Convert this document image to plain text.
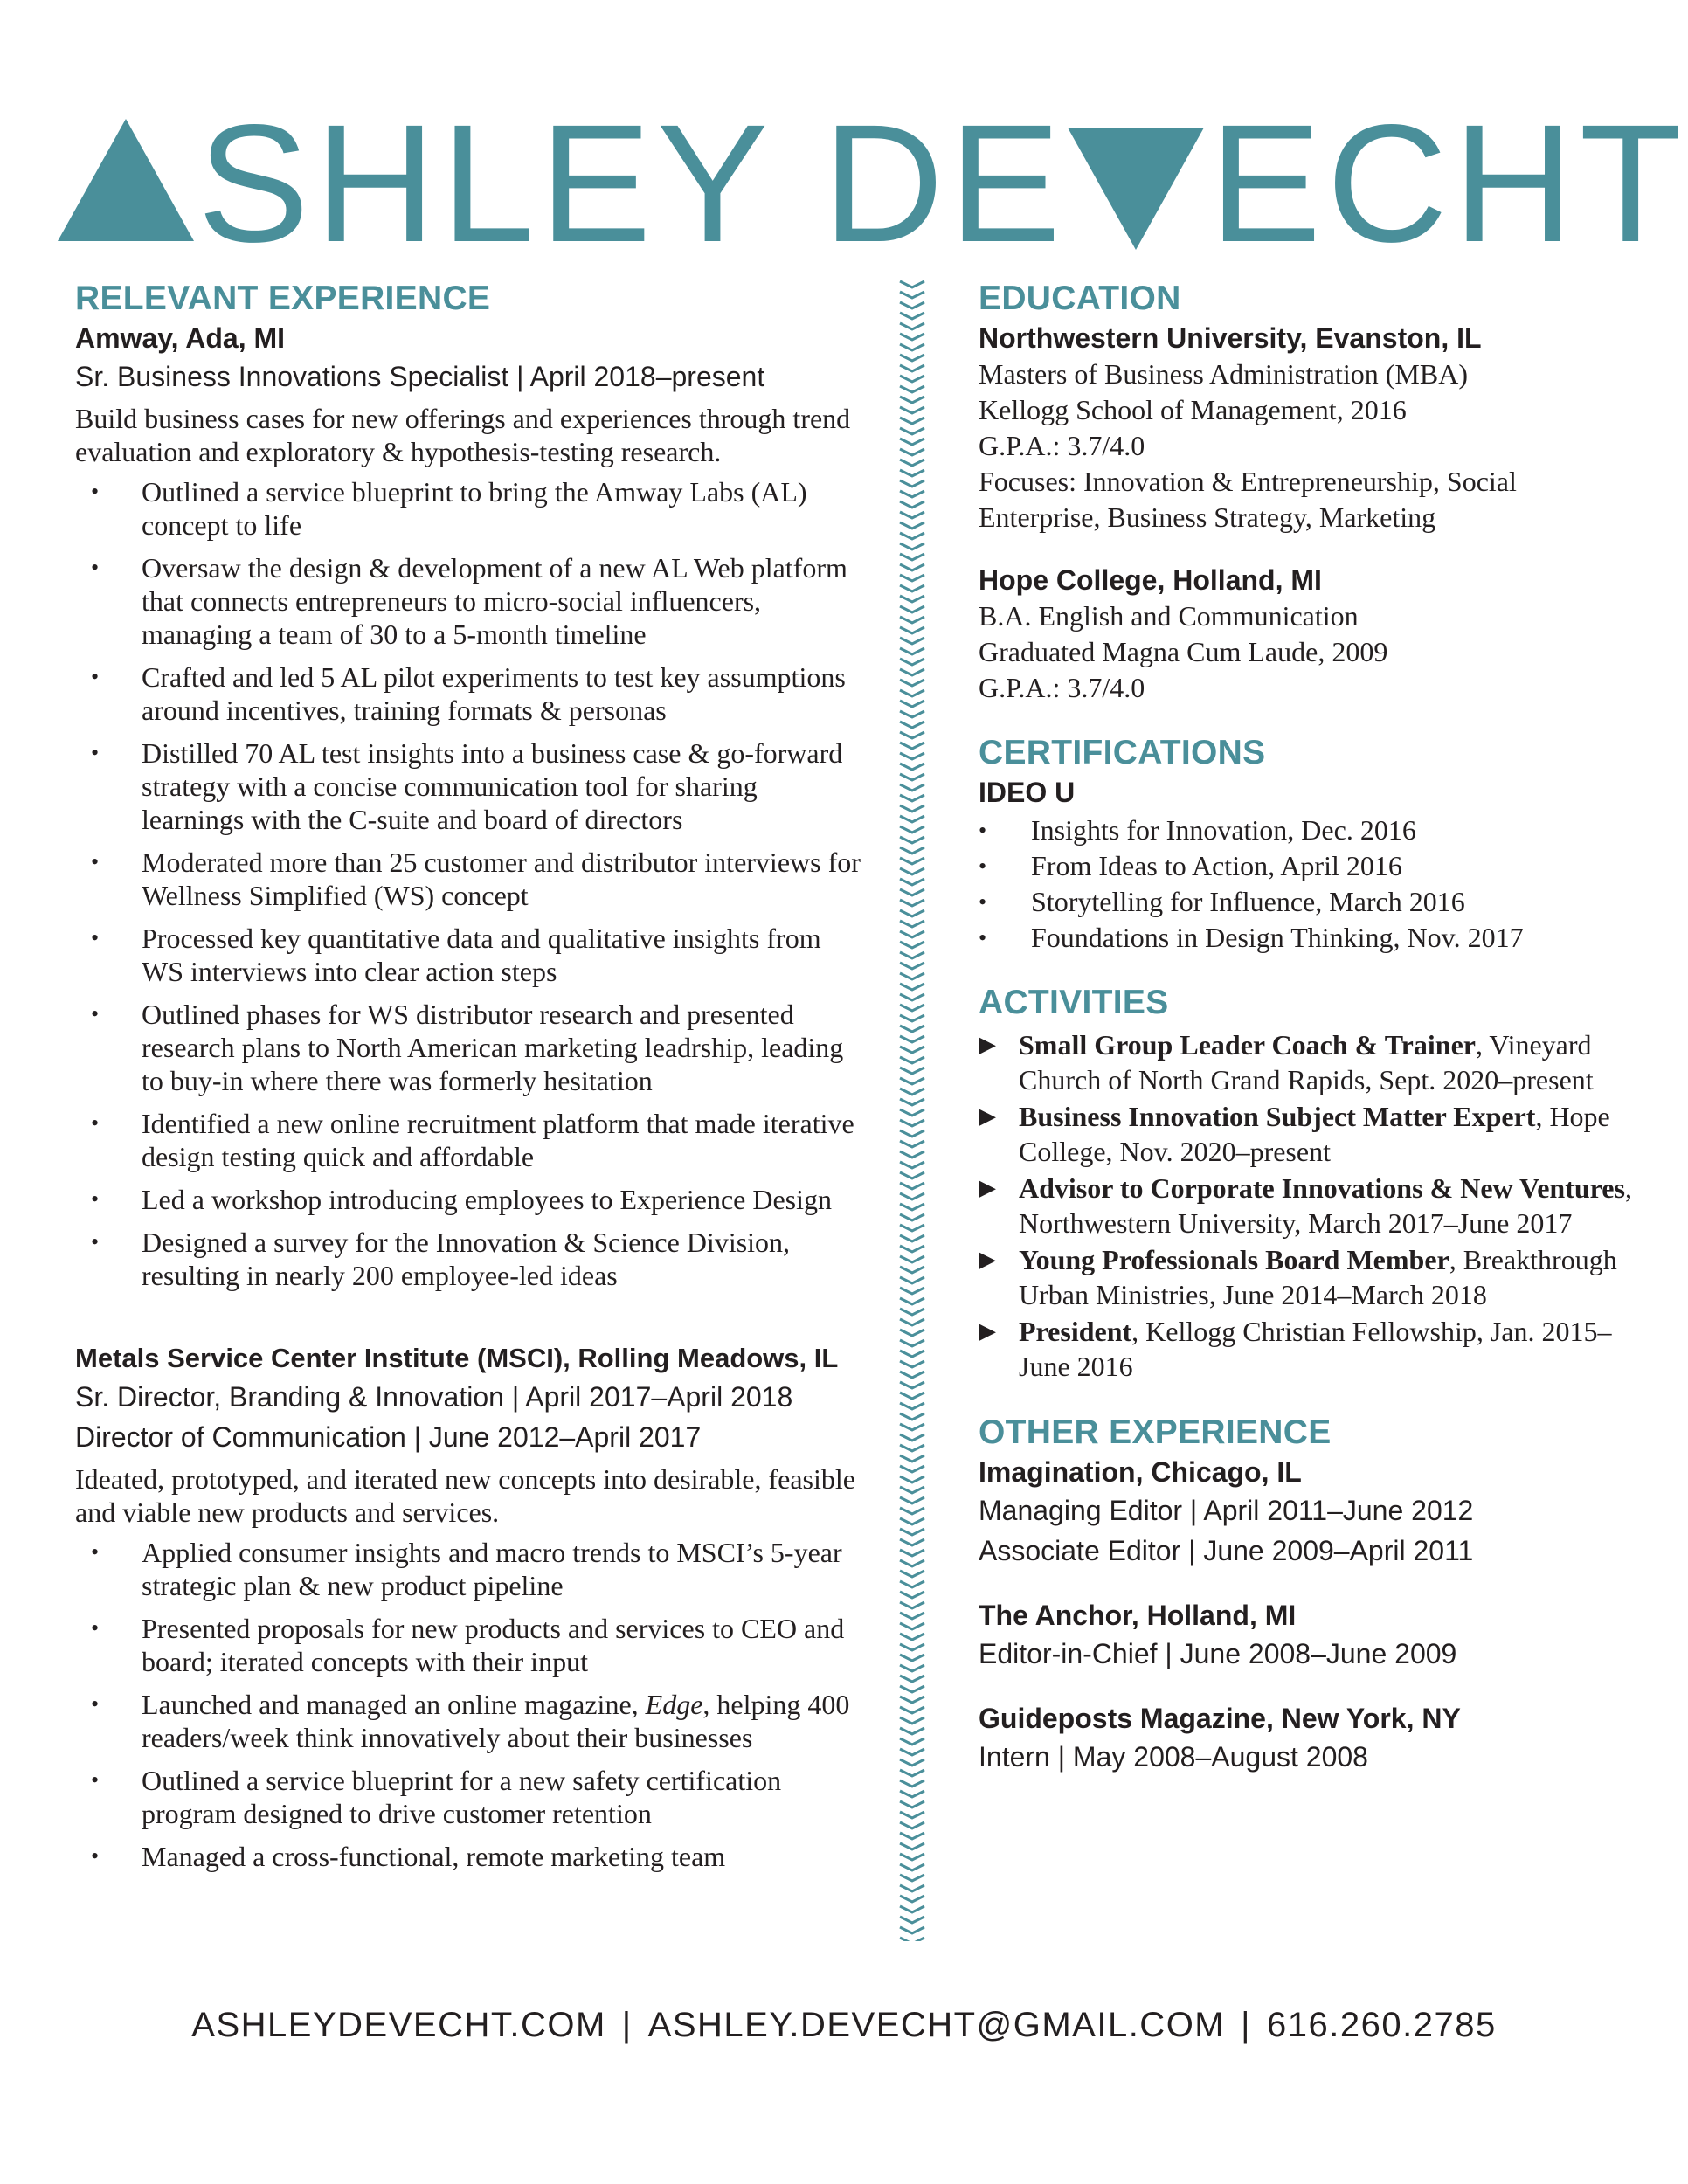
SHLEY DE ECHT
RELEVANT EXPERIENCE

Amway, Ada, MI

Sr. Business Innovations Specialist | April 2018–present

Build business cases for new offerings and experiences through trend evaluation and exploratory & hypothesis-testing research.

• Outlined a service blueprint to bring the Amway Labs (AL) concept to life
• Oversaw the design & development of a new AL Web platform that connects entrepreneurs to micro-social influencers, managing a team of 30 to a 5-month timeline
• Crafted and led 5 AL pilot experiments to test key assumptions around incentives, training formats & personas
• Distilled 70 AL test insights into a business case & go-forward strategy with a concise communication tool for sharing learnings with the C-suite and board of directors
• Moderated more than 25 customer and distributor interviews for Wellness Simplified (WS) concept
• Processed key quantitative data and qualitative insights from WS interviews into clear action steps
• Outlined phases for WS distributor research and presented research plans to North American marketing leadrship, leading to buy-in where there was formerly hesitation
• Identified a new online recruitment platform that made iterative design testing quick and affordable
• Led a workshop introducing employees to Experience Design
• Designed a survey for the Innovation & Science Division, resulting in nearly 200 employee-led ideas

Metals Service Center Institute (MSCI), Rolling Meadows, IL

Sr. Director, Branding & Innovation | April 2017–April 2018

Director of Communication | June 2012–April 2017

Ideated, prototyped, and iterated new concepts into desirable, feasible and viable new products and services.

• Applied consumer insights and macro trends to MSCI’s 5-year strategic plan & new product pipeline
• Presented proposals for new products and services to CEO and board; iterated concepts with their input
• Launched and managed an online magazine, Edge, helping 400 readers/week think innovatively about their businesses
• Outlined a service blueprint for a new safety certification program designed to drive customer retention
• Managed a cross-functional, remote marketing team
EDUCATION

Northwestern University, Evanston, IL

Masters of Business Administration (MBA)

Kellogg School of Management, 2016

G.P.A.: 3.7/4.0

Focuses: Innovation & Entrepreneurship, Social Enterprise, Business Strategy, Marketing

Hope College, Holland, MI

B.A. English and Communication

Graduated Magna Cum Laude, 2009

G.P.A.: 3.7/4.0

CERTIFICATIONS

IDEO U

• Insights for Innovation, Dec. 2016
• From Ideas to Action, April 2016
• Storytelling for Influence, March 2016
• Foundations in Design Thinking, Nov. 2017
ACTIVITIES
▶ Small Group Leader Coach & Trainer, Vineyard Church of North Grand Rapids, Sept. 2020–present
▶ Business Innovation Subject Matter Expert, Hope College, Nov. 2020–present
▶ Advisor to Corporate Innovations & New Ventures, Northwestern University, March 2017–June 2017
▶ Young Professionals Board Member, Breakthrough Urban Ministries, June 2014–March 2018
▶ President, Kellogg Christian Fellowship, Jan. 2015–June 2016
OTHER EXPERIENCE

Imagination, Chicago, IL

Managing Editor | April 2011–June 2012

Associate Editor | June 2009–April 2011

The Anchor, Holland, MI

Editor-in-Chief | June 2008–June 2009

Guideposts Magazine, New York, NY

Intern | May 2008–August 2008

ASHLEYDEVECHT.COM | ASHLEY.DEVECHT@GMAIL.COM | 616.260.2785
